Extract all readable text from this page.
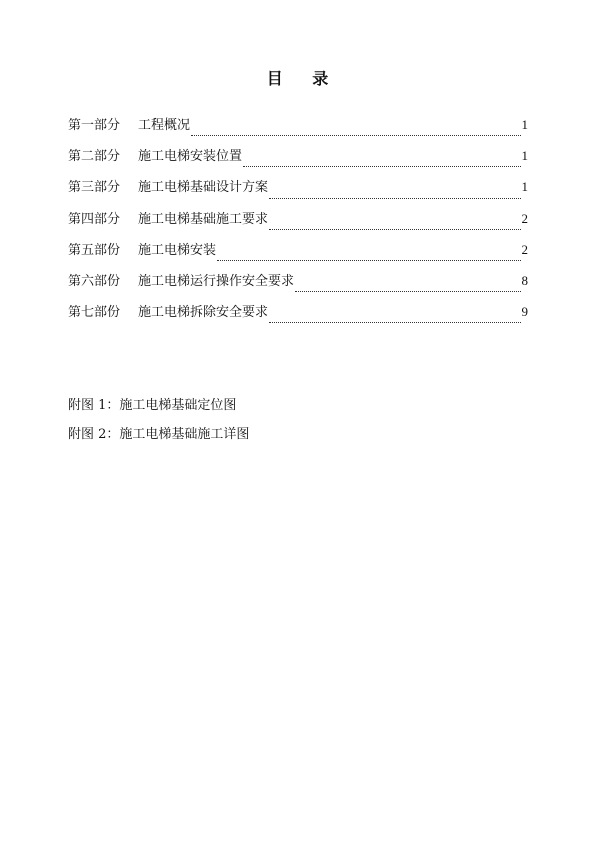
目 录
第一部分	工程概况	1
第二部分	施工电梯安装位置	1
第三部分	施工电梯基础设计方案	1
第四部分	施工电梯基础施工要求	2
第五部份	施工电梯安装	2
第六部份	施工电梯运行操作安全要求	8
第七部份	施工电梯拆除安全要求	9
附图 1：施工电梯基础定位图
附图 2：施工电梯基础施工详图
